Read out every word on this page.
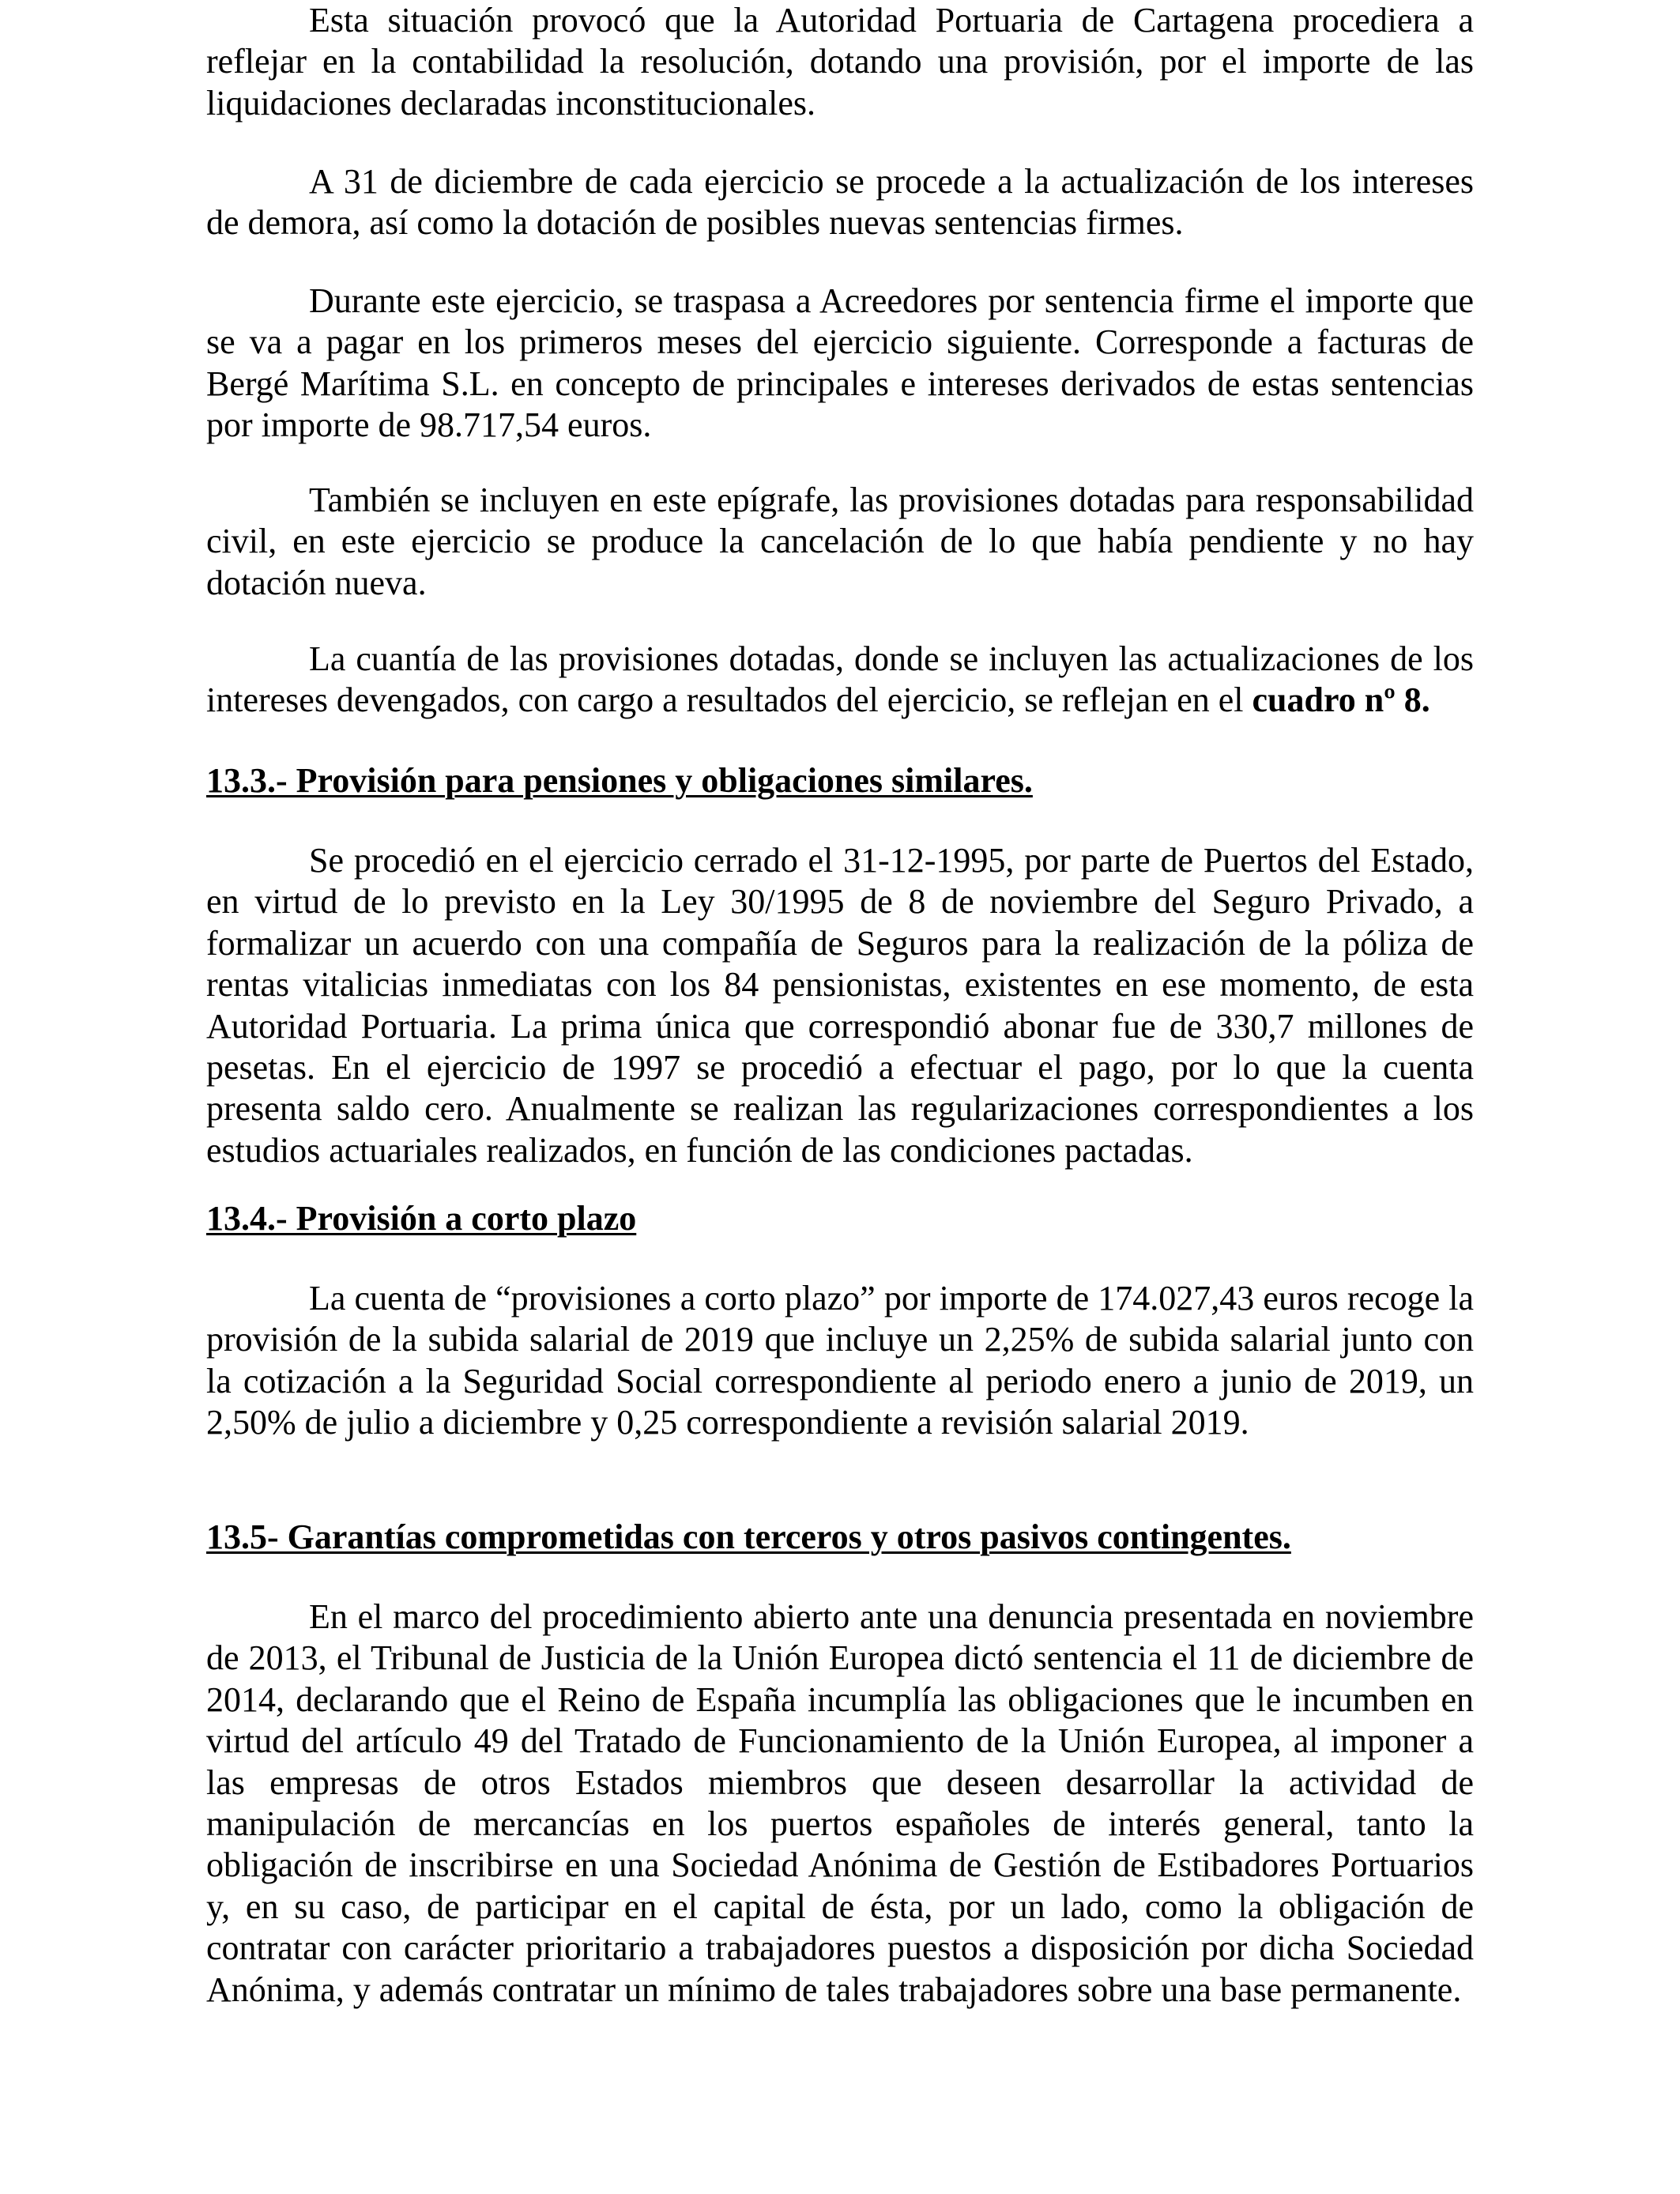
Esta situación provocó que la Autoridad Portuaria de Cartagena procediera a reflejar en la contabilidad la resolución, dotando una provisión, por el importe de las liquidaciones declaradas inconstitucionales.

A 31 de diciembre de cada ejercicio se procede a la actualización de los intereses de demora, así como la dotación de posibles nuevas sentencias firmes.

Durante este ejercicio, se traspasa a Acreedores por sentencia firme el importe que se va a pagar en los primeros meses del ejercicio siguiente. Corresponde a facturas de Bergé Marítima S.L. en concepto de principales e intereses derivados de estas sentencias por importe de 98.717,54 euros.

También se incluyen en este epígrafe, las provisiones dotadas para responsabilidad civil, en este ejercicio se produce la cancelación de lo que había pendiente y no hay dotación nueva.

La cuantía de las provisiones dotadas, donde se incluyen las actualizaciones de los intereses devengados, con cargo a resultados del ejercicio, se reflejan en el cuadro nº 8.

13.3.- Provisión para pensiones y obligaciones similares.

Se procedió en el ejercicio cerrado el 31-12-1995, por parte de Puertos del Estado, en virtud de lo previsto en la Ley 30/1995 de 8 de noviembre del Seguro Privado, a formalizar un acuerdo con una compañía de Seguros para la realización de la póliza de rentas vitalicias inmediatas con los 84 pensionistas, existentes en ese momento, de esta Autoridad Portuaria. La prima única que correspondió abonar fue de 330,7 millones de pesetas. En el ejercicio de 1997 se procedió a efectuar el pago, por lo que la cuenta presenta saldo cero. Anualmente se realizan las regularizaciones correspondientes a los estudios actuariales realizados, en función de las condiciones pactadas.

13.4.- Provisión a corto plazo

La cuenta de “provisiones a corto plazo” por importe de 174.027,43 euros recoge la provisión de la subida salarial de 2019 que incluye un 2,25% de subida salarial junto con la cotización a la Seguridad Social correspondiente al periodo enero a junio de 2019, un 2,50% de julio a diciembre y 0,25 correspondiente a revisión salarial 2019.

13.5- Garantías comprometidas con terceros y otros pasivos contingentes.

En el marco del procedimiento abierto ante una denuncia presentada en noviembre de 2013, el Tribunal de Justicia de la Unión Europea dictó sentencia el 11 de diciembre de 2014, declarando que el Reino de España incumplía las obligaciones que le incumben en virtud del artículo 49 del Tratado de Funcionamiento de la Unión Europea, al imponer a las empresas de otros Estados miembros que deseen desarrollar la actividad de manipulación de mercancías en los puertos españoles de interés general, tanto la obligación de inscribirse en una Sociedad Anónima de Gestión de Estibadores Portuarios y, en su caso, de participar en el capital de ésta, por un lado, como la obligación de contratar con carácter prioritario a trabajadores puestos a disposición por dicha Sociedad Anónima, y además contratar un mínimo de tales trabajadores sobre una base permanente.
